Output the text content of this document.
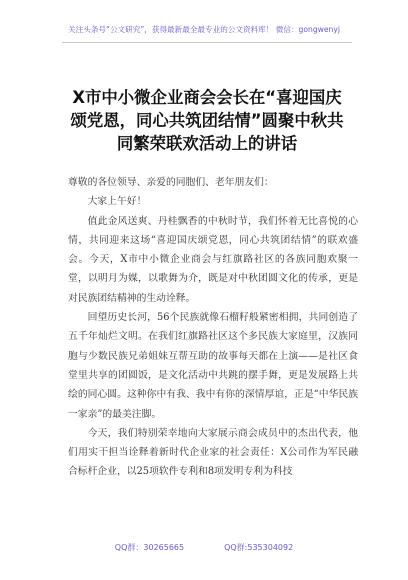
关注头条号“公文研究”，获得最新最全最专业的公文资料库！ 微信：gongwenyj
X市中小微企业商会会长在“喜迎国庆颂党恩，同心共筑团结情”圆聚中秋共同繁荣联欢活动上的讲话

尊敬的各位领导、亲爱的同胞们、老年朋友们：

大家上午好！

值此金风送爽、丹桂飘香的中秋时节，我们怀着无比喜悦的心情，共同迎来这场“喜迎国庆颂党恩，同心共筑团结情”的联欢盛会。今天，X市中小微企业商会与红旗路社区的各族同胞欢聚一堂，以明月为媒，以歌舞为介，既是对中秋团圆文化的传承，更是对民族团结精神的生动诠释。

回望历史长河，56个民族就像石榴籽般紧密相拥，共同创造了五千年灿烂文明。在我们红旗路社区这个多民族大家庭里，汉族同胞与少数民族兄弟姐妹互帮互助的故事每天都在上演——是社区食堂里共享的团圆饭，是文化活动中共跳的摆手舞，更是发展路上共绘的同心圆。这种你中有我、我中有你的深情厚谊，正是“中华民族一家亲”的最美注脚。

今天，我们特别荣幸地向大家展示商会成员中的杰出代表，他们用实干担当诠释着新时代企业家的社会责任：X公司作为军民融合标杆企业，以25项软件专利和8项发明专利为科技

QQ群：30265665	QQ群:535304092
